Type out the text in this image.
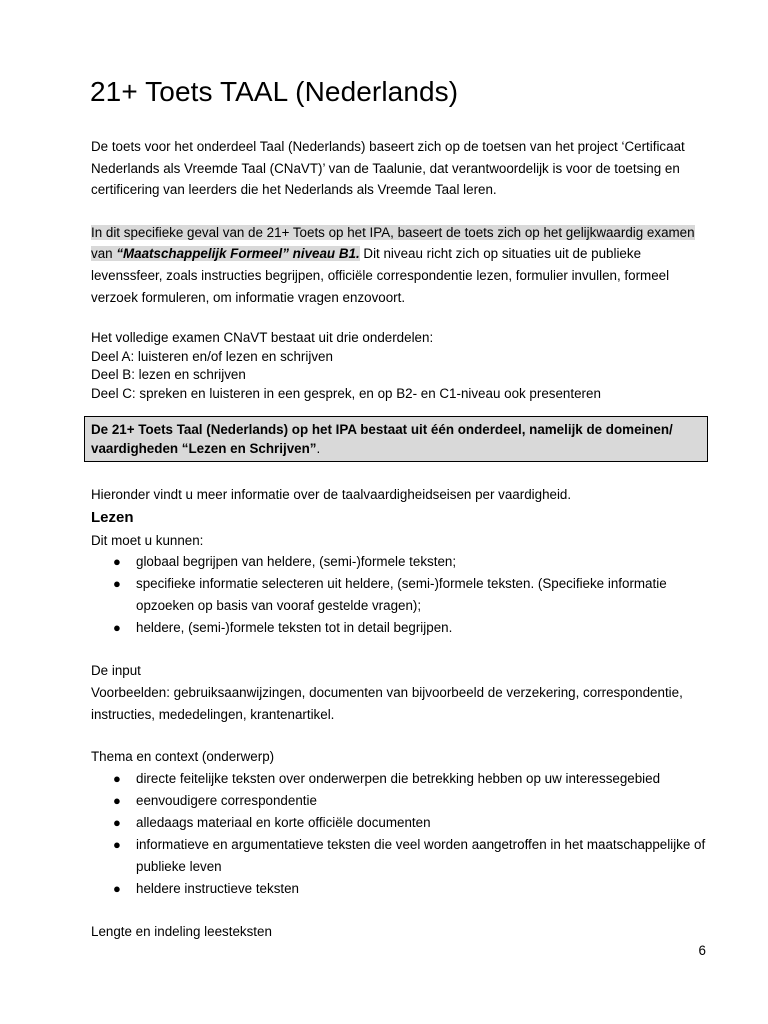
21+ Toets TAAL (Nederlands)

De toets voor het onderdeel Taal (Nederlands) baseert zich op de toetsen van het project ‘Certificaat Nederlands als Vreemde Taal (CNaVT)’ van de Taalunie, dat verantwoordelijk is voor de toetsing en certificering van leerders die het Nederlands als Vreemde Taal leren.

In dit specifieke geval van de 21+ Toets op het IPA, baseert de toets zich op het gelijkwaardig examen van “Maatschappelijk Formeel” niveau B1. Dit niveau richt zich op situaties uit de publieke levenssfeer, zoals instructies begrijpen, officiële correspondentie lezen, formulier invullen, formeel verzoek formuleren, om informatie vragen enzovoort.

Het volledige examen CNaVT bestaat uit drie onderdelen:

Deel A: luisteren en/of lezen en schrijven

Deel B: lezen en schrijven

Deel C: spreken en luisteren in een gesprek, en op B2- en C1-niveau ook presenteren

De 21+ Toets Taal (Nederlands) op het IPA bestaat uit één onderdeel, namelijk de domeinen/ vaardigheden “Lezen en Schrijven”.

Hieronder vindt u meer informatie over de taalvaardigheidseisen per vaardigheid.

Lezen

Dit moet u kunnen:

● globaal begrijpen van heldere, (semi-)formele teksten;
● specifieke informatie selecteren uit heldere, (semi-)formele teksten. (Specifieke informatie opzoeken op basis van vooraf gestelde vragen);
● heldere, (semi-)formele teksten tot in detail begrijpen.

De input

Voorbeelden: gebruiksaanwijzingen, documenten van bijvoorbeeld de verzekering, correspondentie, instructies, mededelingen, krantenartikel.

Thema en context (onderwerp)

● directe feitelijke teksten over onderwerpen die betrekking hebben op uw interessegebied
● eenvoudigere correspondentie
● alledaags materiaal en korte officiële documenten
● informatieve en argumentatieve teksten die veel worden aangetroffen in het maatschappelijke of publieke leven
● heldere instructieve teksten

Lengte en indeling leesteksten

6
